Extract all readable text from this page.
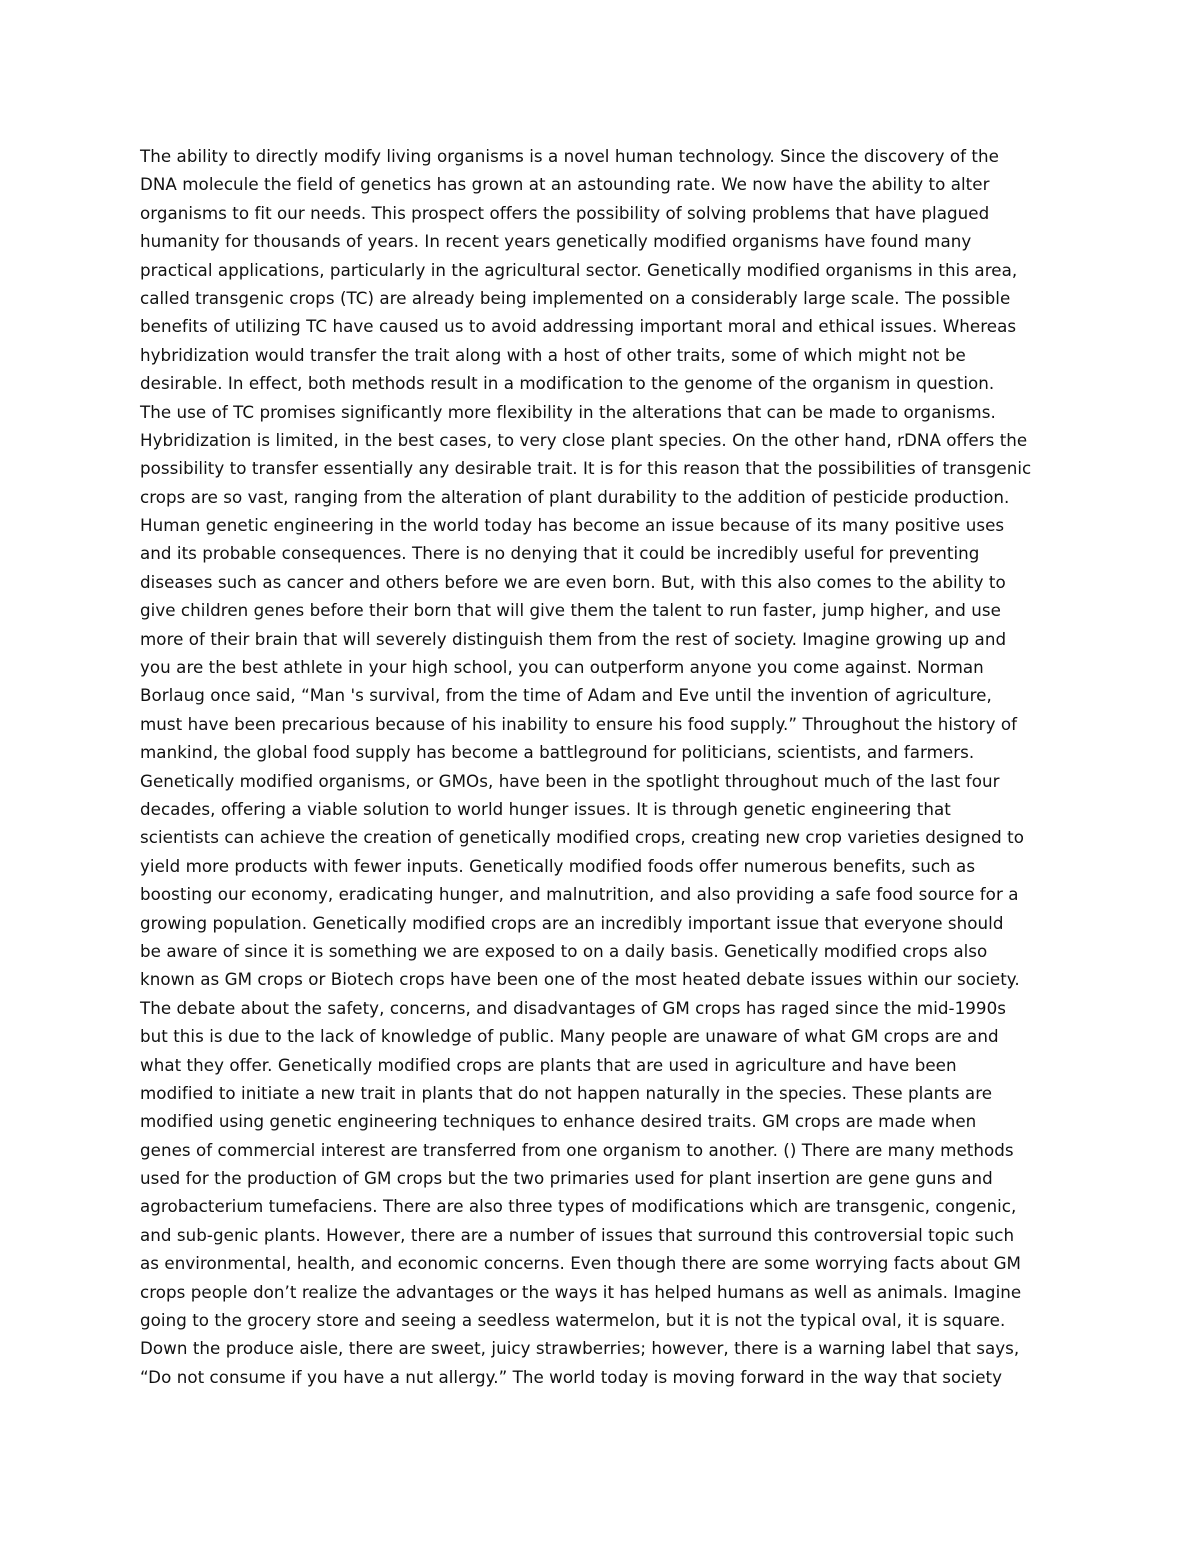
The ability to directly modify living organisms is a novel human technology. Since the discovery of the
DNA molecule the field of genetics has grown at an astounding rate. We now have the ability to alter
organisms to fit our needs. This prospect offers the possibility of solving problems that have plagued
humanity for thousands of years. In recent years genetically modified organisms have found many
practical applications, particularly in the agricultural sector. Genetically modified organisms in this area,
called transgenic crops (TC) are already being implemented on a considerably large scale. The possible
benefits of utilizing TC have caused us to avoid addressing important moral and ethical issues. Whereas
hybridization would transfer the trait along with a host of other traits, some of which might not be
desirable. In effect, both methods result in a modification to the genome of the organism in question.
The use of TC promises significantly more flexibility in the alterations that can be made to organisms.
Hybridization is limited, in the best cases, to very close plant species. On the other hand, rDNA offers the
possibility to transfer essentially any desirable trait. It is for this reason that the possibilities of transgenic
crops are so vast, ranging from the alteration of plant durability to the addition of pesticide production.
Human genetic engineering in the world today has become an issue because of its many positive uses
and its probable consequences. There is no denying that it could be incredibly useful for preventing
diseases such as cancer and others before we are even born. But, with this also comes to the ability to
give children genes before their born that will give them the talent to run faster, jump higher, and use
more of their brain that will severely distinguish them from the rest of society. Imagine growing up and
you are the best athlete in your high school, you can outperform anyone you come against. Norman
Borlaug once said, “Man 's survival, from the time of Adam and Eve until the invention of agriculture,
must have been precarious because of his inability to ensure his food supply.” Throughout the history of
mankind, the global food supply has become a battleground for politicians, scientists, and farmers.
Genetically modified organisms, or GMOs, have been in the spotlight throughout much of the last four
decades, offering a viable solution to world hunger issues. It is through genetic engineering that
scientists can achieve the creation of genetically modified crops, creating new crop varieties designed to
yield more products with fewer inputs. Genetically modified foods offer numerous benefits, such as
boosting our economy, eradicating hunger, and malnutrition, and also providing a safe food source for a
growing population. Genetically modified crops are an incredibly important issue that everyone should
be aware of since it is something we are exposed to on a daily basis. Genetically modified crops also
known as GM crops or Biotech crops have been one of the most heated debate issues within our society.
The debate about the safety, concerns, and disadvantages of GM crops has raged since the mid-1990s
but this is due to the lack of knowledge of public. Many people are unaware of what GM crops are and
what they offer. Genetically modified crops are plants that are used in agriculture and have been
modified to initiate a new trait in plants that do not happen naturally in the species. These plants are
modified using genetic engineering techniques to enhance desired traits. GM crops are made when
genes of commercial interest are transferred from one organism to another. () There are many methods
used for the production of GM crops but the two primaries used for plant insertion are gene guns and
agrobacterium tumefaciens. There are also three types of modifications which are transgenic, congenic,
and sub-genic plants. However, there are a number of issues that surround this controversial topic such
as environmental, health, and economic concerns. Even though there are some worrying facts about GM
crops people don’t realize the advantages or the ways it has helped humans as well as animals. Imagine
going to the grocery store and seeing a seedless watermelon, but it is not the typical oval, it is square.
Down the produce aisle, there are sweet, juicy strawberries; however, there is a warning label that says,
“Do not consume if you have a nut allergy.” The world today is moving forward in the way that society
